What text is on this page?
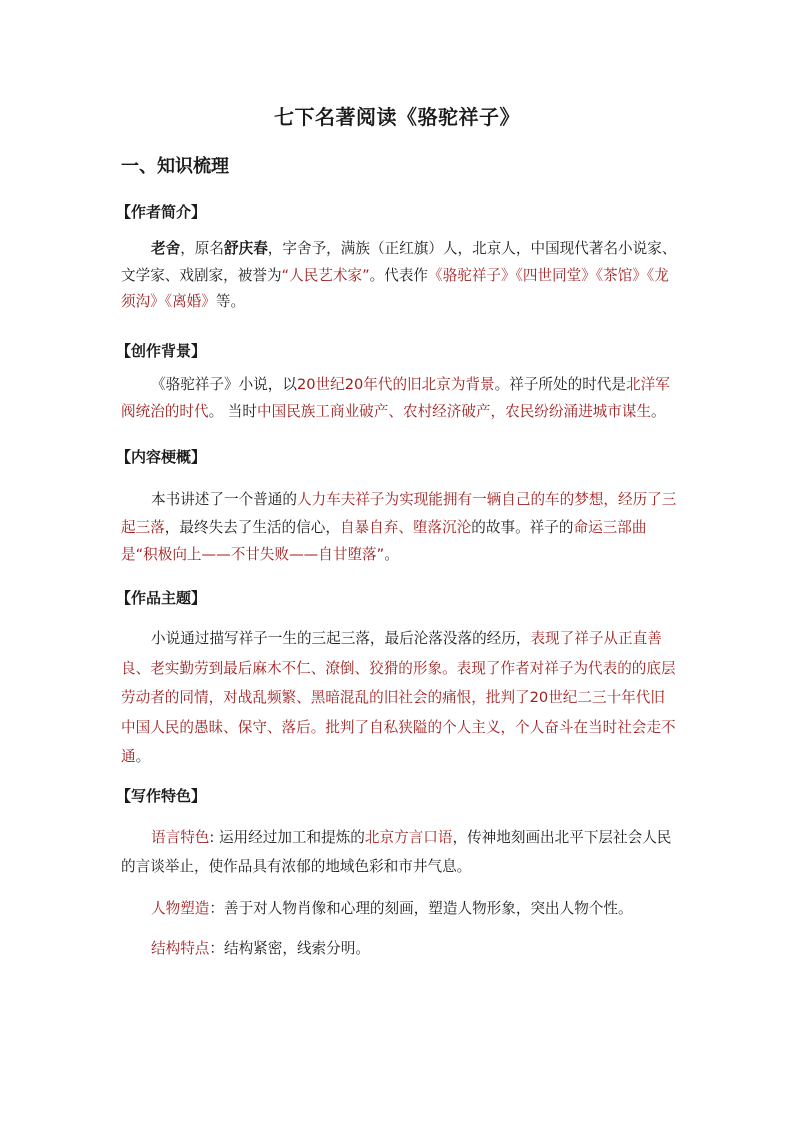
七下名著阅读《骆驼祥子》
一、知识梳理
【作者简介】

老舍，原名舒庆春，字舍予，满族（正红旗）人，北京人，中国现代著名小说家、文学家、戏剧家，被誉为“人民艺术家”。代表作《骆驼祥子》《四世同堂》《茶馆》《龙须沟》《离婚》等。

【创作背景】

《骆驼祥子》小说，以20世纪20年代的旧北京为背景。祥子所处的时代是北洋军阀统治的时代。 当时中国民族工商业破产、农村经济破产，农民纷纷涌进城市谋生。

【内容梗概】

本书讲述了一个普通的人力车夫祥子为实现能拥有一辆自己的车的梦想，经历了三起三落，最终失去了生活的信心，自暴自弃、堕落沉沦的故事。祥子的命运三部曲是“积极向上——不甘失败——自甘堕落”。

【作品主题】

小说通过描写祥子一生的三起三落，最后沦落没落的经历，表现了祥子从正直善良、老实勤劳到最后麻木不仁、潦倒、狡猾的形象。表现了作者对祥子为代表的的底层劳动者的同情，对战乱频繁、黑暗混乱的旧社会的痛恨，批判了20世纪二三十年代旧中国人民的愚昧、保守、落后。批判了自私狭隘的个人主义，个人奋斗在当时社会走不通。

【写作特色】

语言特色: 运用经过加工和提炼的北京方言口语，传神地刻画出北平下层社会人民的言谈举止，使作品具有浓郁的地域色彩和市井气息。

人物塑造：善于对人物肖像和心理的刻画，塑造人物形象，突出人物个性。

结构特点：结构紧密，线索分明。
